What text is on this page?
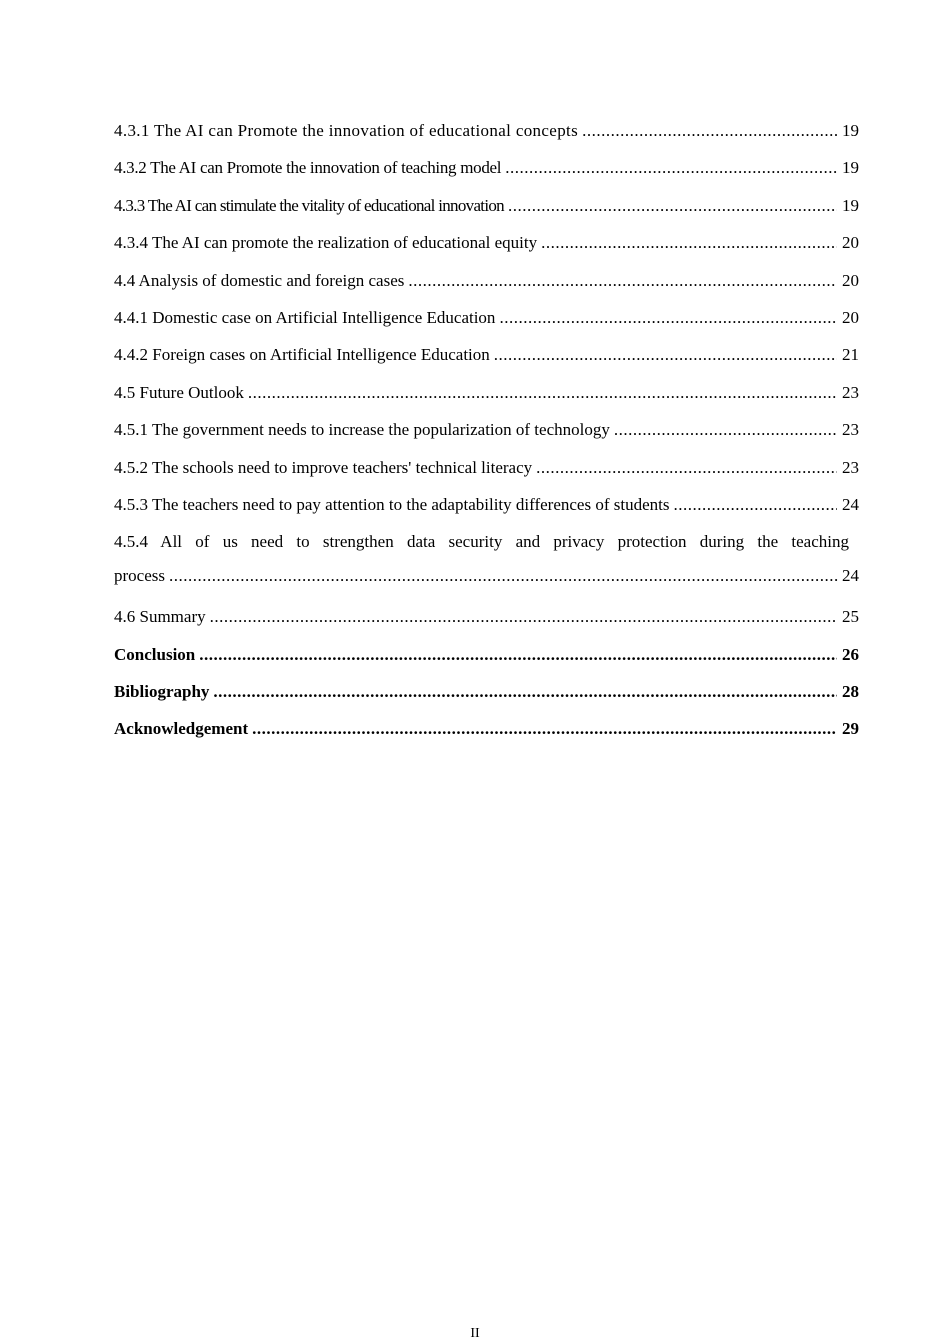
4.3.1 The AI can Promote the innovation of educational concepts .....	19
4.3.2 The AI can Promote the innovation of teaching model .....	19
4.3.3 The AI can stimulate the vitality of educational innovation .....	19
4.3.4 The AI can promote the realization of educational equity .....	20
4.4 Analysis of domestic and foreign cases .....	20
4.4.1 Domestic case on Artificial Intelligence Education .....	20
4.4.2 Foreign cases on Artificial Intelligence Education .....	21
4.5 Future Outlook .....	23
4.5.1 The government needs to increase the popularization of technology .....	23
4.5.2 The schools need to improve teachers' technical literacy .....	23
4.5.3 The teachers need to pay attention to the adaptability differences of students .....	24
4.5.4 All of us need to strengthen data security and privacy protection during the teaching
process .....	24
4.6 Summary .....	25
Conclusion .....	26
Bibliography .....	28
Acknowledgement .....	29
II
